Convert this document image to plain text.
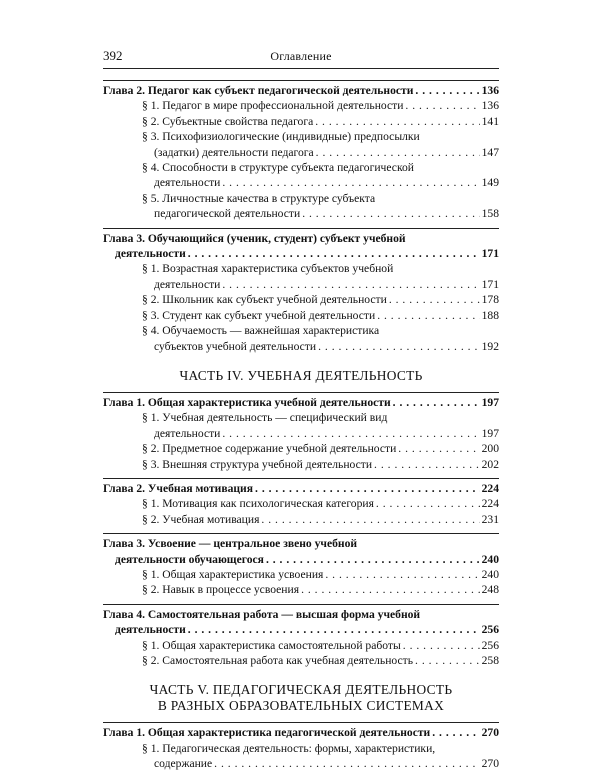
392	Оглавление
Глава 2. Педагог как субъект педагогической деятельности . . .	136
§ 1. Педагог в мире профессиональной деятельности . . .	136
§ 2. Субъектные свойства педагога . . .	141
§ 3. Психофизиологические (индивидные) предпосылки
(задатки) деятельности педагога . . .	147
§ 4. Способности в структуре субъекта педагогической
деятельности . . .	149
§ 5. Личностные качества в структуре субъекта
педагогической деятельности . . .	158
Глава 3. Обучающийся (ученик, студент) субъект учебной
деятельности . . .	171
§ 1. Возрастная характеристика субъектов учебной
деятельности . . .	171
§ 2. Школьник как субъект учебной деятельности . . .	178
§ 3. Студент как субъект учебной деятельности . . .	188
§ 4. Обучаемость — важнейшая характеристика
субъектов учебной деятельности . . .	192
ЧАСТЬ IV. УЧЕБНАЯ ДЕЯТЕЛЬНОСТЬ
Глава 1. Общая характеристика учебной деятельности . . .	197
§ 1. Учебная деятельность — специфический вид
деятельности . . .	197
§ 2. Предметное содержание учебной деятельности . . .	200
§ 3. Внешняя структура учебной деятельности . . .	202
Глава 2. Учебная мотивация . . .	224
§ 1. Мотивация как психологическая категория . . .	224
§ 2. Учебная мотивация . . .	231
Глава 3. Усвоение — центральное звено учебной
деятельности обучающегося . . .	240
§ 1. Общая характеристика усвоения . . .	240
§ 2. Навык в процессе усвоения . . .	248
Глава 4. Самостоятельная работа — высшая форма учебной
деятельности . . .	256
§ 1. Общая характеристика самостоятельной работы . . .	256
§ 2. Самостоятельная работа как учебная деятельность . . .	258
ЧАСТЬ V. ПЕДАГОГИЧЕСКАЯ ДЕЯТЕЛЬНОСТЬ
В РАЗНЫХ ОБРАЗОВАТЕЛЬНЫХ СИСТЕМАХ
Глава 1. Общая характеристика педагогической деятельности . . .	270
§ 1. Педагогическая деятельность: формы, характеристики,
содержание . . .	270
